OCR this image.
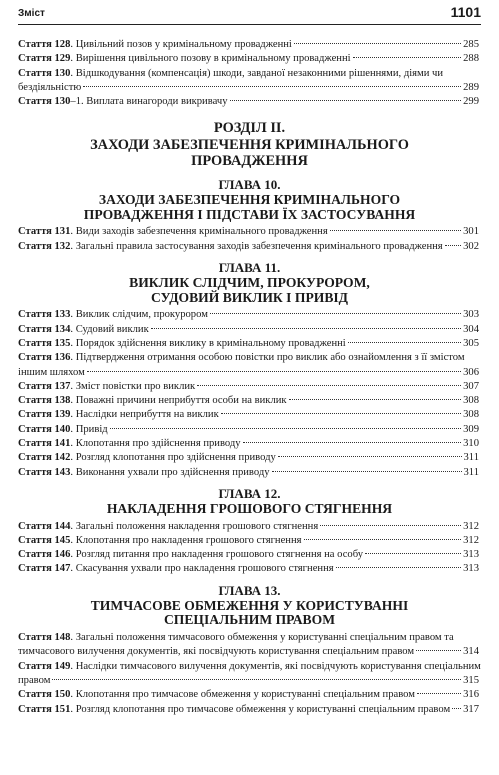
Зміст	1101
Стаття 128. Цивільний позов у кримінальному провадженні	285
Стаття 129. Вирішення цивільного позову в кримінальному провадженні	288
Стаття 130. Відшкодування (компенсація) шкоди, завданої незаконними рішеннями, діями чи бездіяльністю	289
Стаття 130–1. Виплата винагороди викривачу	299
РОЗДІЛ ІІ.
ЗАХОДИ ЗАБЕЗПЕЧЕННЯ КРИМІНАЛЬНОГО
ПРОВАДЖЕННЯ
ГЛАВА 10.
ЗАХОДИ ЗАБЕЗПЕЧЕННЯ КРИМІНАЛЬНОГО
ПРОВАДЖЕННЯ І ПІДСТАВИ ЇХ ЗАСТОСУВАННЯ
Стаття 131. Види заходів забезпечення кримінального провадження	301
Стаття 132. Загальні правила застосування заходів забезпечення кримінального провадження 302
ГЛАВА 11.
ВИКЛИК СЛІДЧИМ, ПРОКУРОРОМ,
СУДОВИЙ ВИКЛИК І ПРИВІД
Стаття 133. Виклик слідчим, прокурором	303
Стаття 134. Судовий виклик	304
Стаття 135. Порядок здійснення виклику в кримінальному провадженні	305
Стаття 136. Підтвердження отримання особою повістки про виклик або ознайомлення з її змістом іншим шляхом	306
Стаття 137. Зміст повістки про виклик	307
Стаття 138. Поважні причини неприбуття особи на виклик	308
Стаття 139. Наслідки неприбуття на виклик	308
Стаття 140. Привід	309
Стаття 141. Клопотання про здійснення приводу	310
Стаття 142. Розгляд клопотання про здійснення приводу	311
Стаття 143. Виконання ухвали про здійснення приводу	311
ГЛАВА 12.
НАКЛАДЕННЯ ГРОШОВОГО СТЯГНЕННЯ
Стаття 144. Загальні положення накладення грошового стягнення	312
Стаття 145. Клопотання про накладення грошового стягнення	312
Стаття 146. Розгляд питання про накладення грошового стягнення на особу	313
Стаття 147. Скасування ухвали про накладення грошового стягнення	313
ГЛАВА 13.
ТИМЧАСОВЕ ОБМЕЖЕННЯ У КОРИСТУВАННІ
СПЕЦІАЛЬНИМ ПРАВОМ
Стаття 148. Загальні положення тимчасового обмеження у користуванні спеціальним правом та тимчасового вилучення документів, які посвідчують користування спеціальним правом	314
Стаття 149. Наслідки тимчасового вилучення документів, які посвідчують користування спеціальним правом	315
Стаття 150. Клопотання про тимчасове обмеження у користуванні спеціальним правом	316
Стаття 151. Розгляд клопотання про тимчасове обмеження у користуванні спеціальним правом 317
